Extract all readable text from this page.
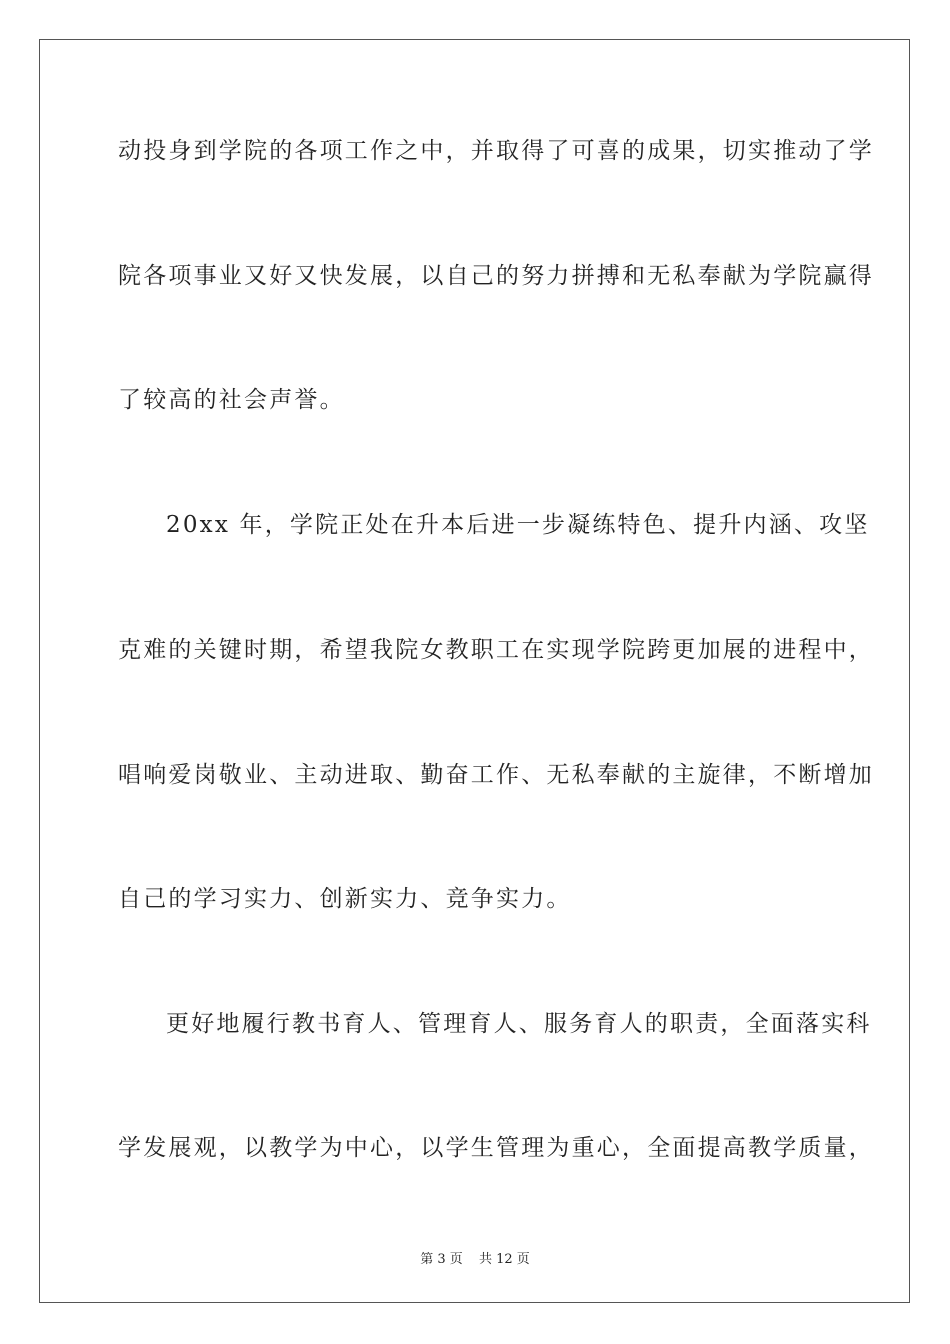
动投身到学院的各项工作之中，并取得了可喜的成果，切实推动了学
院各项事业又好又快发展，以自己的努力拼搏和无私奉献为学院赢得
了较高的社会声誉。
20xx 年，学院正处在升本后进一步凝练特色、提升内涵、攻坚
克难的关键时期，希望我院女教职工在实现学院跨更加展的进程中，
唱响爱岗敬业、主动进取、勤奋工作、无私奉献的主旋律，不断增加
自己的学习实力、创新实力、竞争实力。
更好地履行教书育人、管理育人、服务育人的职责，全面落实科
学发展观，以教学为中心，以学生管理为重心，全面提高教学质量，
第 3 页 共 12 页
